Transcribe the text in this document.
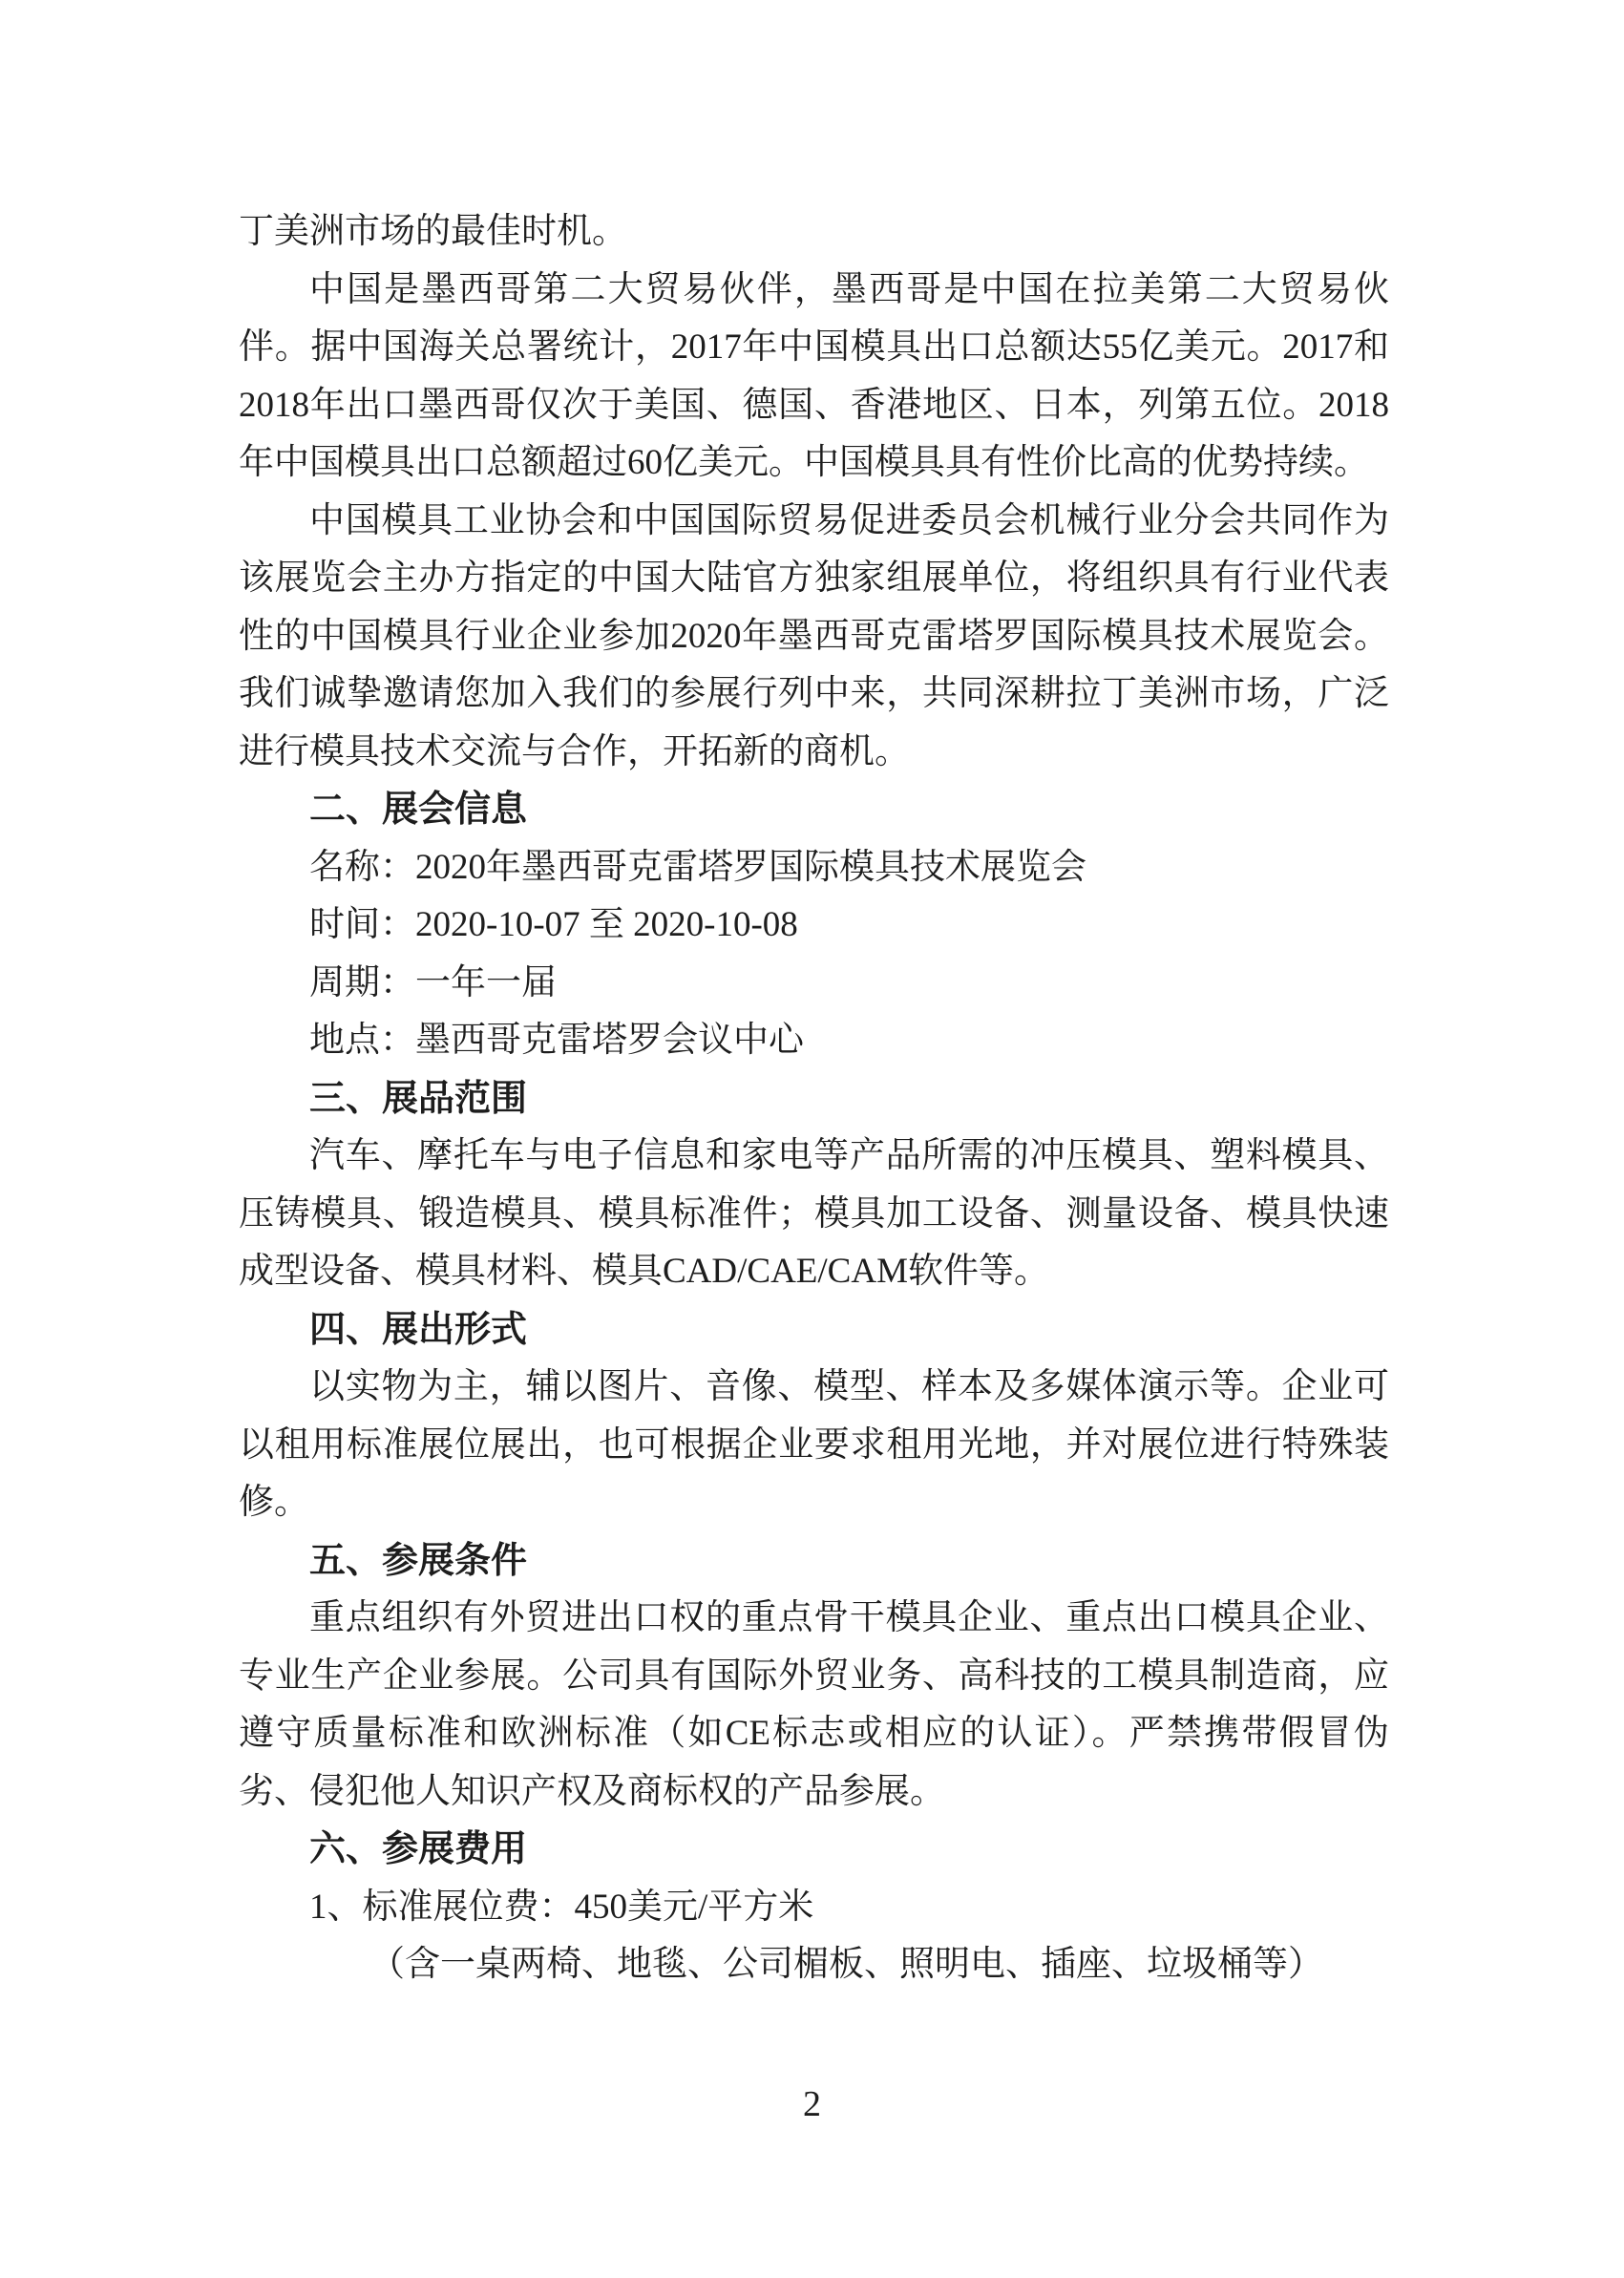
丁美洲市场的最佳时机。

中国是墨西哥第二大贸易伙伴，墨西哥是中国在拉美第二大贸易伙伴。据中国海关总署统计，2017年中国模具出口总额达55亿美元。2017和2018年出口墨西哥仅次于美国、德国、香港地区、日本，列第五位。2018年中国模具出口总额超过60亿美元。中国模具具有性价比高的优势持续。

中国模具工业协会和中国国际贸易促进委员会机械行业分会共同作为该展览会主办方指定的中国大陆官方独家组展单位，将组织具有行业代表性的中国模具行业企业参加2020年墨西哥克雷塔罗国际模具技术展览会。我们诚挚邀请您加入我们的参展行列中来，共同深耕拉丁美洲市场，广泛进行模具技术交流与合作，开拓新的商机。

二、展会信息

名称：2020年墨西哥克雷塔罗国际模具技术展览会

时间：2020-10-07 至 2020-10-08

周期：一年一届

地点：墨西哥克雷塔罗会议中心

三、展品范围

汽车、摩托车与电子信息和家电等产品所需的冲压模具、塑料模具、压铸模具、锻造模具、模具标准件；模具加工设备、测量设备、模具快速成型设备、模具材料、模具CAD/CAE/CAM软件等。

四、展出形式

以实物为主，辅以图片、音像、模型、样本及多媒体演示等。企业可以租用标准展位展出，也可根据企业要求租用光地，并对展位进行特殊装修。

五、参展条件

重点组织有外贸进出口权的重点骨干模具企业、重点出口模具企业、专业生产企业参展。公司具有国际外贸业务、高科技的工模具制造商，应遵守质量标准和欧洲标准（如CE标志或相应的认证）。严禁携带假冒伪劣、侵犯他人知识产权及商标权的产品参展。

六、参展费用

1、标准展位费：450美元/平方米

（含一桌两椅、地毯、公司楣板、照明电、插座、垃圾桶等）

2
